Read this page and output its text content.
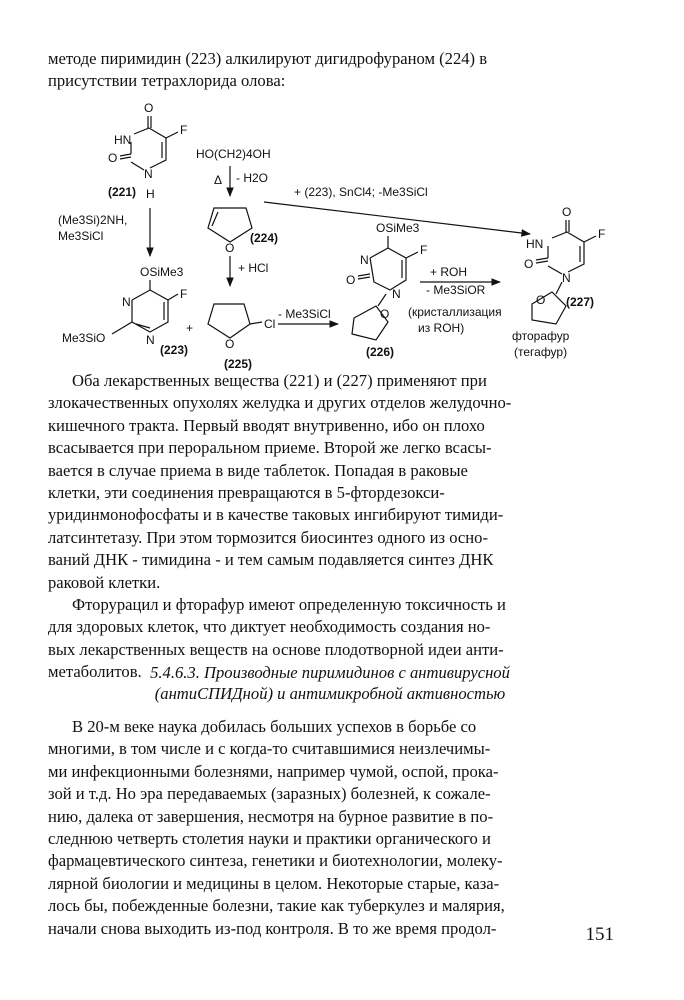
методе пиримидин (223) алкилируют дигидрофураном (224) в

присутствии тетрахлорида олова:

O
HN
F
O
N
H
(221)
(Me3Si)2NH,
Me3SiCl
HO(CH2)4OH
Δ - H2O
O
(224)
+ (223), SnCl4; -Me3SiCl
+ HCl
OSiMe3
F
N
Me3SiO	N
(223)
+
O
Cl
(225)
- Me3SiCl
OSiMe3
F
N
O
N
O
(226)
+ ROH
- Me3SiOR
(кристаллизация
из ROH)
O
HN
F
O
N
O (227)
фторафур
(тегафур)

Оба лекарственных вещества (221) и (227) применяют при

злокачественных опухолях желудка и других отделов желудочно-

кишечного тракта. Первый вводят внутривенно, ибо он плохо

всасывается при пероральном приеме. Второй же легко всасы-

вается в случае приема в виде таблеток. Попадая в раковые

клетки, эти соединения превращаются в 5-фтордезокси-

уридинмонофосфаты и в качестве таковых ингибируют тимиди-

латсинтетазу. При этом тормозится биосинтез одного из осно-

ваний ДНК - тимидина - и тем самым подавляется синтез ДНК

раковой клетки.

Фторурацил и фторафур имеют определенную токсичность и

для здоровых клеток, что диктует необходимость создания но-

вых лекарственных веществ на основе плодотворной идеи анти-

метаболитов. 5.4.6.3. Производные пиримидинов с антивирусной
(антиСПИДной) и антимикробной активностью

В 20-м веке наука добилась больших успехов в борьбе со

многими, в том числе и с когда-то считавшимися неизлечимы-

ми инфекционными болезнями, например чумой, оспой, прока-

зой и т.д. Но эра передаваемых (заразных) болезней, к сожале-

нию, далека от завершения, несмотря на бурное развитие в по-

следнюю четверть столетия науки и практики органического и

фармацевтического синтеза, генетики и биотехнологии, молеку-

лярной биологии и медицины в целом. Некоторые старые, каза-

лось бы, побежденные болезни, такие как туберкулез и малярия,

начали снова выходить из-под контроля. В то же время продол-	151
